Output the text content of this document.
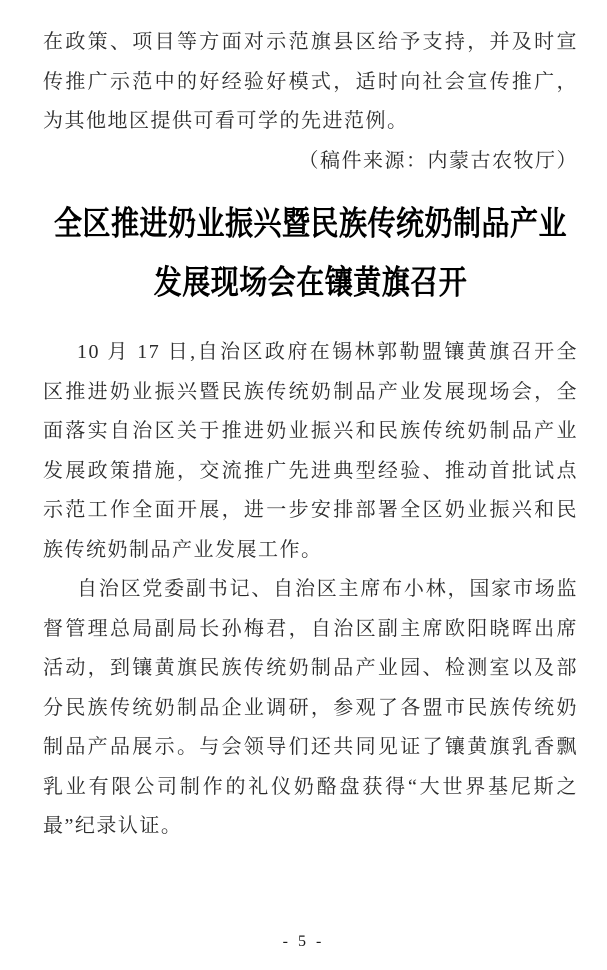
在政策、项目等方面对示范旗县区给予支持，并及时宣传推广示范中的好经验好模式，适时向社会宣传推广，为其他地区提供可看可学的先进范例。

（稿件来源：内蒙古农牧厅）

全区推进奶业振兴暨民族传统奶制品产业
发展现场会在镶黄旗召开

10 月 17 日,自治区政府在锡林郭勒盟镶黄旗召开全区推进奶业振兴暨民族传统奶制品产业发展现场会，全面落实自治区关于推进奶业振兴和民族传统奶制品产业发展政策措施，交流推广先进典型经验、推动首批试点示范工作全面开展，进一步安排部署全区奶业振兴和民族传统奶制品产业发展工作。

自治区党委副书记、自治区主席布小林，国家市场监督管理总局副局长孙梅君，自治区副主席欧阳晓晖出席活动，到镶黄旗民族传统奶制品产业园、检测室以及部分民族传统奶制品企业调研，参观了各盟市民族传统奶制品产品展示。与会领导们还共同见证了镶黄旗乳香飘乳业有限公司制作的礼仪奶酪盘获得“大世界基尼斯之最”纪录认证。

- 5 -
